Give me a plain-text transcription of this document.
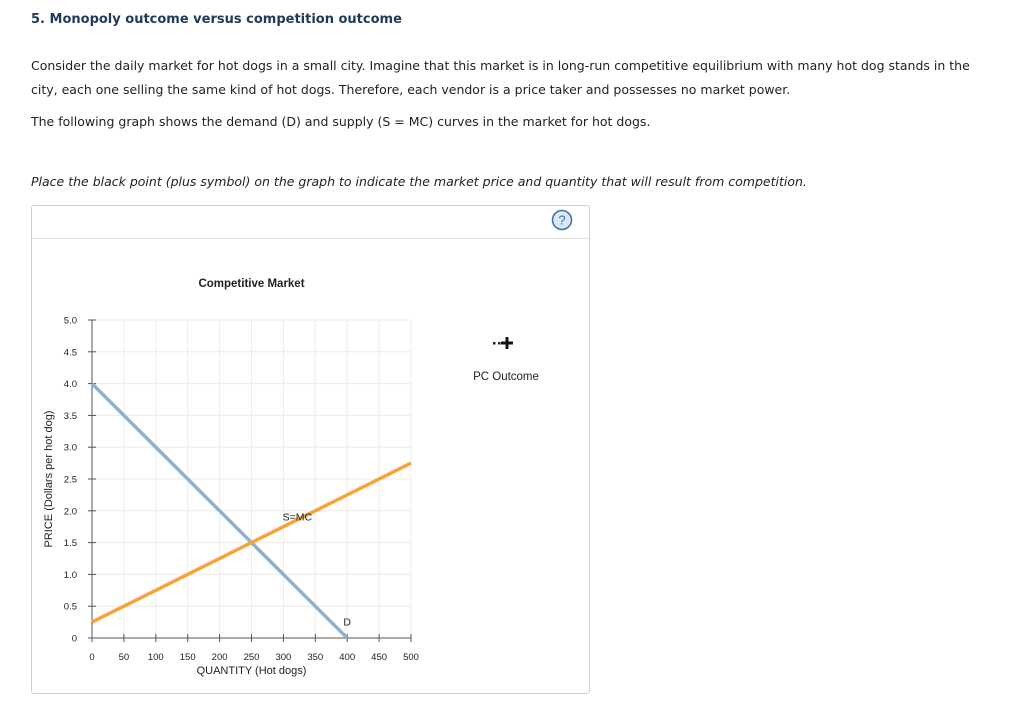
5. Monopoly outcome versus competition outcome
Consider the daily market for hot dogs in a small city. Imagine that this market is in long-run competitive equilibrium with many hot dog stands in the city, each one selling the same kind of hot dogs. Therefore, each vendor is a price taker and possesses no market power.
The following graph shows the demand (D) and supply (S = MC) curves in the market for hot dogs.
Place the black point (plus symbol) on the graph to indicate the market price and quantity that will result from competition.
?
0
0.5
1.0
1.5
2.0
2.5
3.0
3.5
4.0
4.5
5.0
0	50 100 150 200 250 300 350 400 450 500
Competitive Market
QUANTITY (Hot dogs)
PRICE (Dollars per hot dog)
D
S=MC
PC Outcome
